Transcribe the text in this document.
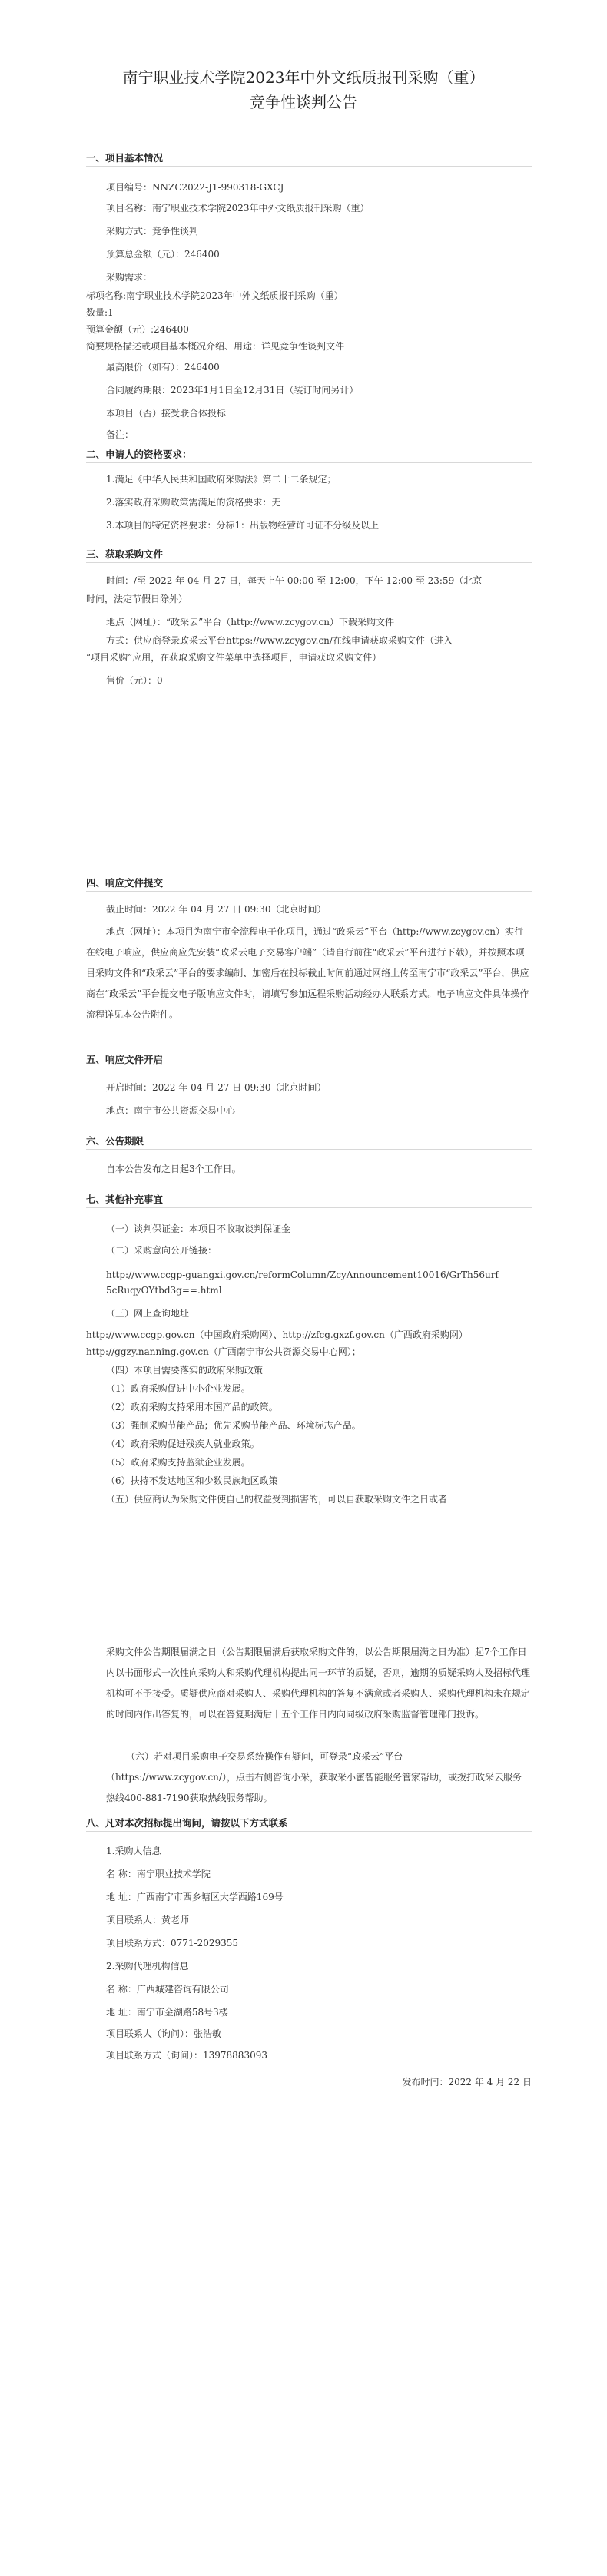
南宁职业技术学院2023年中外文纸质报刊采购（重）
竞争性谈判公告
一、项目基本情况
项目编号：NNZC2022-J1-990318-GXCJ
项目名称：南宁职业技术学院2023年中外文纸质报刊采购（重）
采购方式：竞争性谈判
预算总金额（元）：246400
采购需求：
标项名称:南宁职业技术学院2023年中外文纸质报刊采购（重）
数量:1
预算金额（元）:246400
简要规格描述或项目基本概况介绍、用途：详见竞争性谈判文件
最高限价（如有）：246400
合同履约期限：2023年1月1日至12月31日（装订时间另计）
本项目（否）接受联合体投标
备注：
二、申请人的资格要求：
1.满足《中华人民共和国政府采购法》第二十二条规定；
2.落实政府采购政策需满足的资格要求：无
3.本项目的特定资格要求：分标1：出版物经营许可证不分级及以上
三、获取采购文件
时间：/至 2022 年 04 月 27 日，每天上午 00:00 至 12:00，下午 12:00 至 23:59（北京
时间，法定节假日除外）
地点（网址）：“政采云”平台（http://www.zcygov.cn）下载采购文件
方式：供应商登录政采云平台https://www.zcygov.cn/在线申请获取采购文件（进入
“项目采购”应用，在获取采购文件菜单中选择项目，申请获取采购文件）
售价（元）：0
四、响应文件提交
截止时间：2022 年 04 月 27 日 09:30（北京时间）
地点（网址）：本项目为南宁市全流程电子化项目，通过“政采云”平台（http://www.zcygov.cn）实行在线电子响应，供应商应先安装“政采云电子交易客户端”（请自行前往“政采云”平台进行下载），并按照本项目采购文件和“政采云”平台的要求编制、加密后在投标截止时间前通过网络上传至南宁市“政采云”平台，供应商在“政采云”平台提交电子版响应文件时，请填写参加远程采购活动经办人联系方式。电子响应文件具体操作流程详见本公告附件。
五、响应文件开启
开启时间：2022 年 04 月 27 日 09:30（北京时间）
地点：南宁市公共资源交易中心
六、公告期限
自本公告发布之日起3个工作日。
七、其他补充事宜
（一）谈判保证金：本项目不收取谈判保证金
（二）采购意向公开链接：
http://www.ccgp-guangxi.gov.cn/reformColumn/ZcyAnnouncement10016/GrTh56urf
5cRuqyOYtbd3g==.html
（三）网上查询地址
http://www.ccgp.gov.cn（中国政府采购网）、http://zfcg.gxzf.gov.cn（广西政府采购网）
http://ggzy.nanning.gov.cn（广西南宁市公共资源交易中心网）；
（四）本项目需要落实的政府采购政策
（1）政府采购促进中小企业发展。
（2）政府采购支持采用本国产品的政策。
（3）强制采购节能产品；优先采购节能产品、环境标志产品。
（4）政府采购促进残疾人就业政策。
（5）政府采购支持监狱企业发展。
（6）扶持不发达地区和少数民族地区政策
（五）供应商认为采购文件使自己的权益受到损害的，可以自获取采购文件之日或者
采购文件公告期限届满之日（公告期限届满后获取采购文件的，以公告期限届满之日为准）起7个工作日内以书面形式一次性向采购人和采购代理机构提出同一环节的质疑，否则，逾期的质疑采购人及招标代理机构可不予接受。质疑供应商对采购人、采购代理机构的答复不满意或者采购人、采购代理机构未在规定的时间内作出答复的，可以在答复期满后十五个工作日内向同级政府采购监督管理部门投诉。
（六）若对项目采购电子交易系统操作有疑问，可登录“政采云”平台（https://www.zcygov.cn/），点击右侧咨询小采，获取采小蜜智能服务管家帮助，或拨打政采云服务热线400-881-7190获取热线服务帮助。
八、凡对本次招标提出询问，请按以下方式联系
1.采购人信息
名 称：南宁职业技术学院
地 址：广西南宁市西乡塘区大学西路169号
项目联系人：黄老师
项目联系方式：0771-2029355
2.采购代理机构信息
名 称：广西城建咨询有限公司
地 址：南宁市金湖路58号3楼
项目联系人（询问）：张浩敏
项目联系方式（询问）：13978883093
发布时间：2022 年 4 月 22 日
